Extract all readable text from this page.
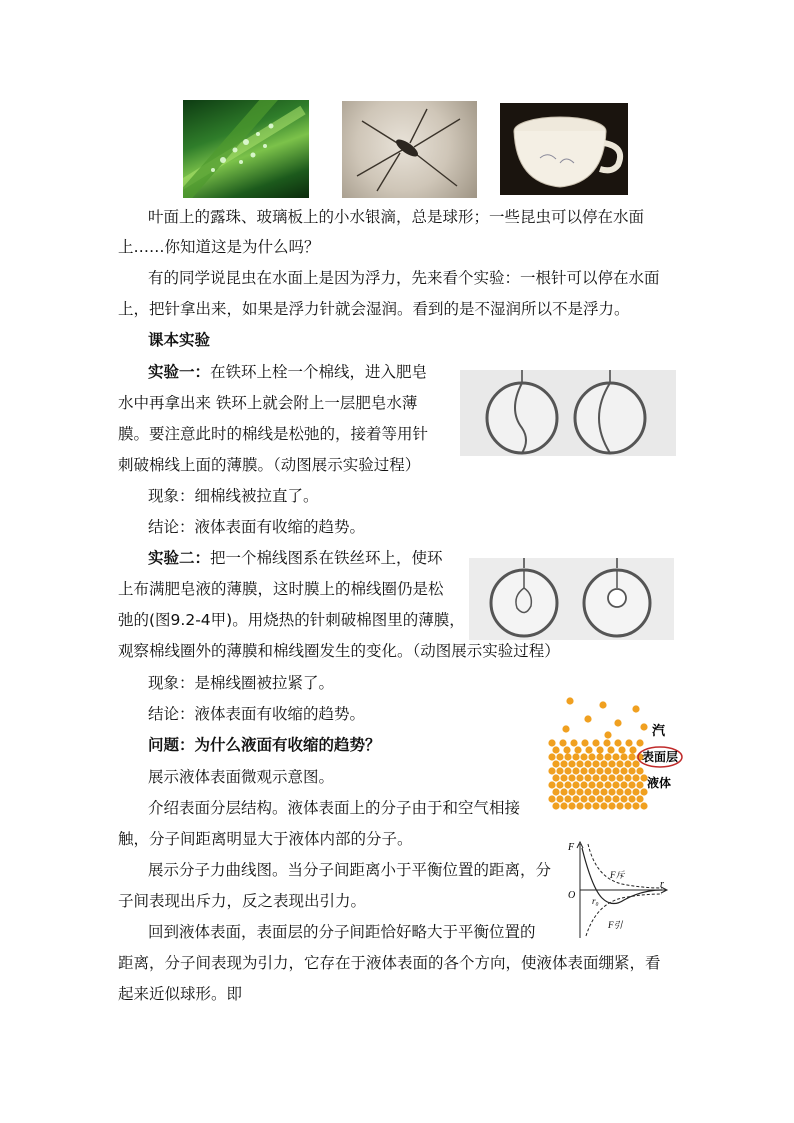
叶面上的露珠、玻璃板上的小水银滴，总是球形；一些昆虫可以停在水面
上……你知道这是为什么吗？
有的同学说昆虫在水面上是因为浮力，先来看个实验：一根针可以停在水面
上，把针拿出来，如果是浮力针就会湿润。看到的是不湿润所以不是浮力。
课本实验
实验一：在铁环上栓一个棉线，进入肥皂
水中再拿出来 铁环上就会附上一层肥皂水薄
膜。要注意此时的棉线是松弛的，接着等用针
刺破棉线上面的薄膜。（动图展示实验过程）
现象：细棉线被拉直了。
结论：液体表面有收缩的趋势。
实验二：把一个棉线图系在铁丝环上，使环
上布满肥皂液的薄膜，这时膜上的棉线圈仍是松
弛的(图9.2-4甲)。用烧热的针刺破棉图里的薄膜，
观察棉线圈外的薄膜和棉线圈发生的变化。（动图展示实验过程）
现象：是棉线圈被拉紧了。
结论：液体表面有收缩的趋势。
问题：为什么液面有收缩的趋势？
展示液体表面微观示意图。
介绍表面分层结构。液体表面上的分子由于和空气相接
触，分子间距离明显大于液体内部的分子。
展示分子力曲线图。当分子间距离小于平衡位置的距离，分
子间表现出斥力，反之表现出引力。
回到液体表面，表面层的分子间距恰好略大于平衡位置的
距离，分子间表现为引力，它存在于液体表面的各个方向，使液体表面绷紧，看
起来近似球形。即
汽
表面层
液体
F
r
O r₀
F斥
F引
